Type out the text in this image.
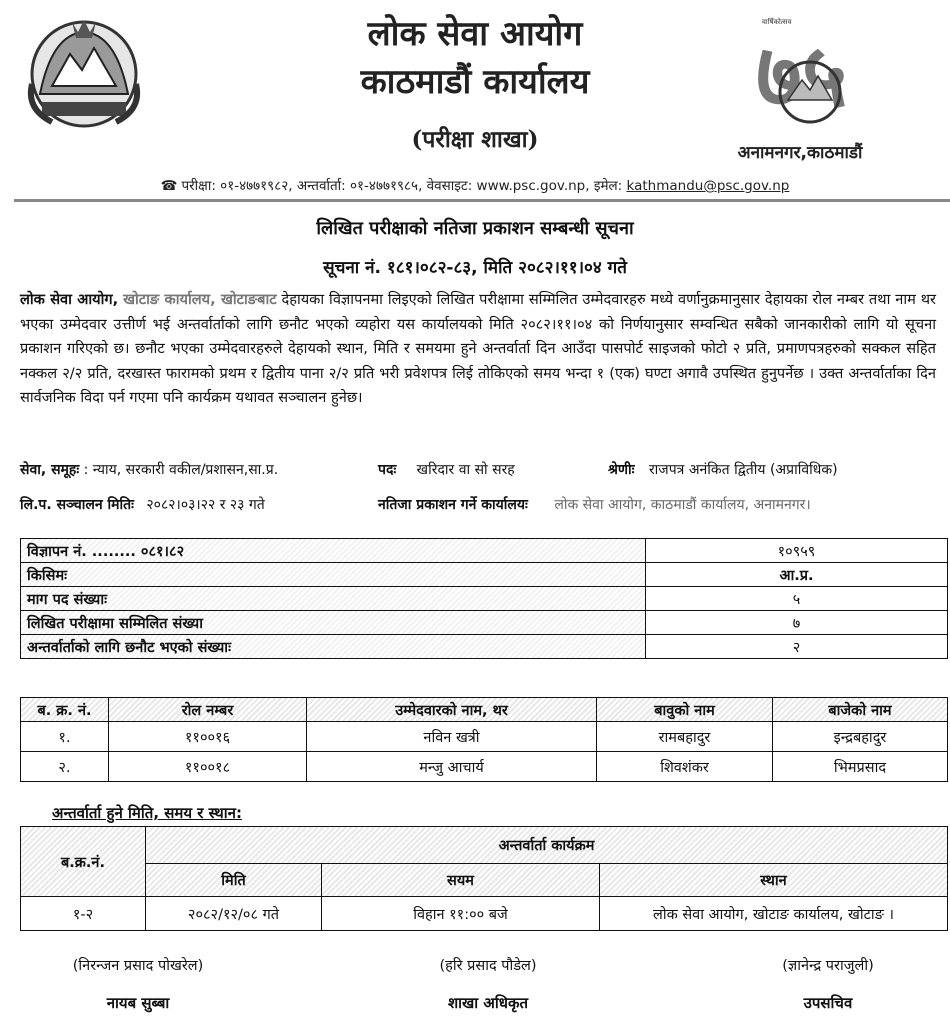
लोक सेवा आयोग
काठमाडौं कार्यालय
(परीक्षा शाखा)
वार्षिकोत्सव
७५
अनामनगर,काठमाडौं
☎ परीक्षा: ०१-४७७१९८२, अन्तर्वार्ता: ०१-४७७१९८५, वेवसाइट: www.psc.gov.np, इमेल: kathmandu@psc.gov.np
लिखित परीक्षाको नतिजा प्रकाशन सम्बन्धी सूचना
सूचना नं. १८१।०८२-८३, मिति २०८२।११।०४ गते
लोक सेवा आयोग, खोटाङ कार्यालय, खोटाङबाट देहायका विज्ञापनमा लिइएको लिखित परीक्षामा सम्मिलित उम्मेदवारहरु मध्ये वर्णानुक्रमानुसार देहायका रोल नम्बर तथा नाम थर भएका उम्मेदवार उत्तीर्ण भई अन्तर्वार्ताको लागि छनौट भएको व्यहोरा यस कार्यालयको मिति २०८२।११।०४ को निर्णयानुसार सम्वन्धित सबैको जानकारीको लागि यो सूचना प्रकाशन गरिएको छ। छनौट भएका उम्मेदवारहरुले देहायको स्थान, मिति र समयमा हुने अन्तर्वार्ता दिन आउँदा पासपोर्ट साइजको फोटो २ प्रति, प्रमाणपत्रहरुको सक्कल सहित नक्कल २/२ प्रति, दरखास्त फारामको प्रथम र द्वितीय पाना २/२ प्रति भरी प्रवेशपत्र लिई तोकिएको समय भन्दा १ (एक) घण्टा अगावै उपस्थित हुनुपर्नेछ । उक्त अन्तर्वार्ताका दिन सार्वजनिक विदा पर्न गएमा पनि कार्यक्रम यथावत सञ्चालन हुनेछ।
सेवा, समूहः : न्याय, सरकारी वकील/प्रशासन,सा.प्र.	पदः खरिदार वा सो सरह	श्रेणीः राजपत्र अनंकित द्वितीय (अप्राविधिक)
लि.प. सञ्चालन मितिः २०८२।०३।२२ र २३ गते	नतिजा प्रकाशन गर्ने कार्यालयः लोक सेवा आयोग, काठमाडौं कार्यालय, अनामनगर।
विज्ञापन नं. ........ ०८१।८२	१०९५९
किसिमः	आ.प्र.
माग पद संख्याः	५
लिखित परीक्षामा सम्मिलित संख्या	७
अन्तर्वार्ताको लागि छनौट भएको संख्याः	२
ब. क्र. नं.	रोल नम्बर	उम्मेदवारको नाम, थर	बावुको नाम	बाजेको नाम
१.	११००१६	नविन खत्री	रामबहादुर	इन्द्रबहादुर
२.	११००१८	मन्जु आचार्य	शिवशंकर	भिमप्रसाद
अन्तर्वार्ता हुने मिति, समय र स्थान:
ब.क्र.नं.	अन्तर्वार्ता कार्यक्रम		
	मिति	सयम	स्थान
१-२	२०८२/१२/०८ गते	विहान ११:०० बजे	लोक सेवा आयोग, खोटाङ कार्यालय, खोटाङ ।
(निरन्जन प्रसाद पोखरेल)
नायब सुब्बा
(हरि प्रसाद पौडेल)
शाखा अधिकृत
(ज्ञानेन्द्र पराजुली)
उपसचिव
